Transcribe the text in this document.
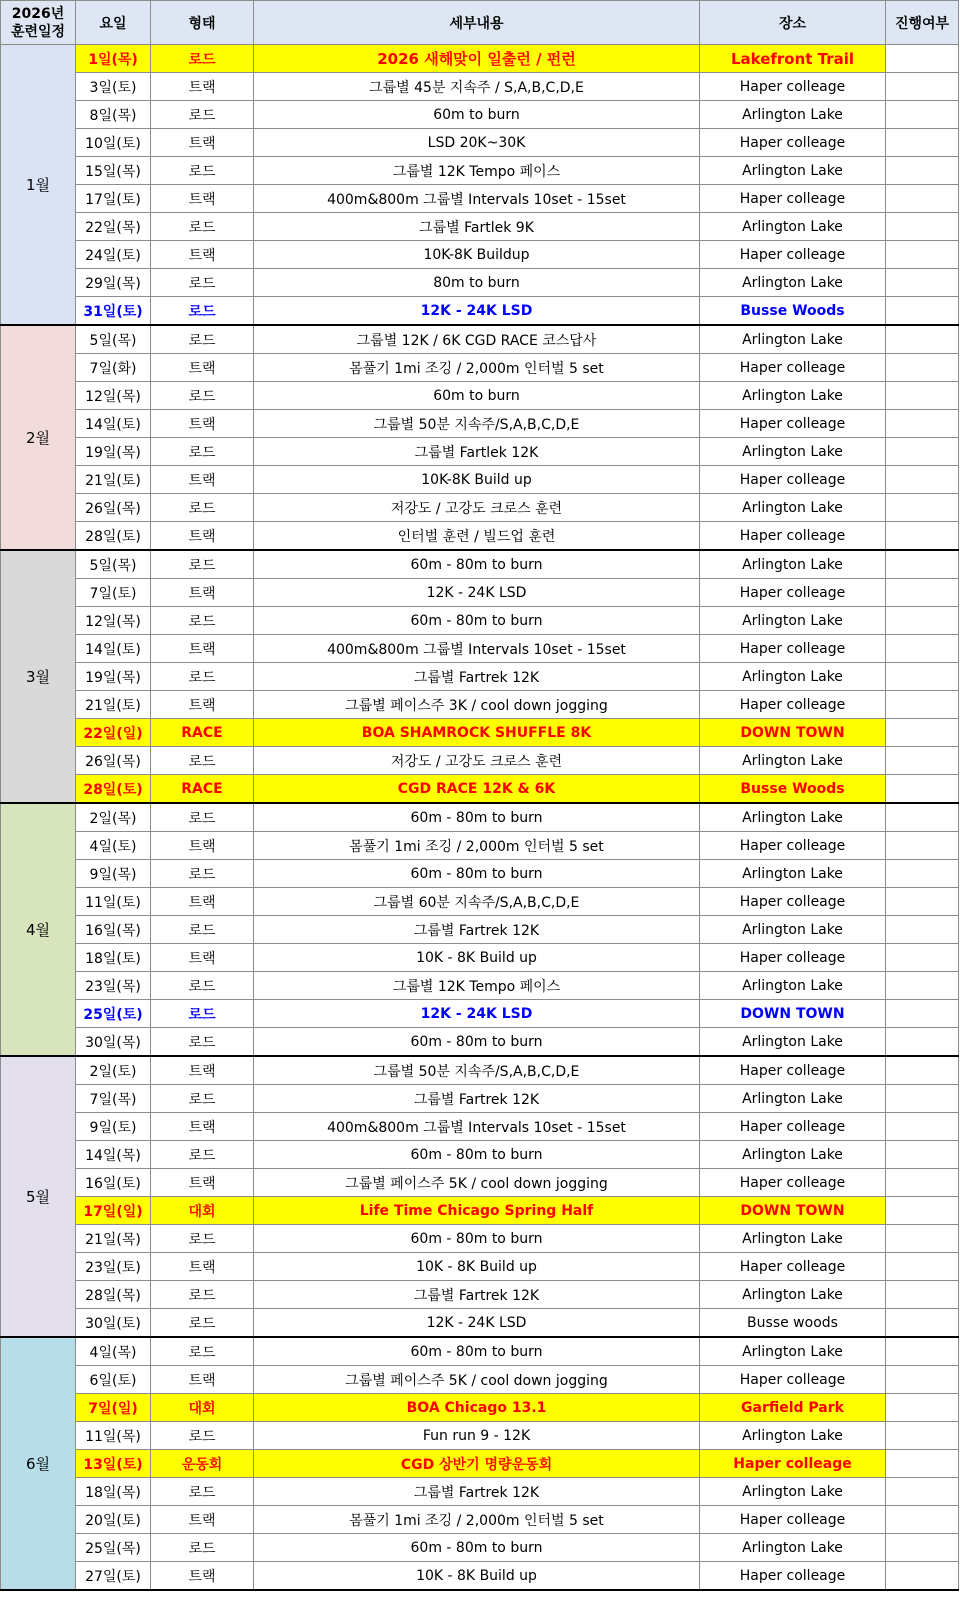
2026년
훈련일정	요일	형태	세부내용	장소	진행여부
1월	1일(목)	로드	2026 새해맞이 일출런 / 펀런	Lakefront Trail	
	3일(토)	트랙	그룹별 45분 지속주 / S,A,B,C,D,E	Haper colleage	
	8일(목)	로드	60m to burn	Arlington Lake	
	10일(토)	트랙	LSD 20K~30K	Haper colleage	
	15일(목)	로드	그룹별 12K Tempo 페이스	Arlington Lake	
	17일(토)	트랙	400m&800m 그룹별 Intervals 10set - 15set	Haper colleage	
	22일(목)	로드	그룹별 Fartlek 9K	Arlington Lake	
	24일(토)	트랙	10K-8K Buildup	Haper colleage	
	29일(목)	로드	80m to burn	Arlington Lake	
	31일(토)	로드	12K - 24K LSD	Busse Woods	
2월	5일(목)	로드	그룹별 12K / 6K CGD RACE 코스답사	Arlington Lake	
	7일(화)	트랙	몸풀기 1mi 조깅 / 2,000m 인터벌 5 set	Haper colleage	
	12일(목)	로드	60m to burn	Arlington Lake	
	14일(토)	트랙	그룹별 50분 지속주/S,A,B,C,D,E	Haper colleage	
	19일(목)	로드	그룹별 Fartlek 12K	Arlington Lake	
	21일(토)	트랙	10K-8K Build up	Haper colleage	
	26일(목)	로드	저강도 / 고강도 크로스 훈련	Arlington Lake	
	28일(토)	트랙	인터벌 훈련 / 빌드업 훈련	Haper colleage	
3월	5일(목)	로드	60m - 80m to burn	Arlington Lake	
	7일(토)	트랙	12K - 24K LSD	Haper colleage	
	12일(목)	로드	60m - 80m to burn	Arlington Lake	
	14일(토)	트랙	400m&800m 그룹별 Intervals 10set - 15set	Haper colleage	
	19일(목)	로드	그룹별 Fartrek 12K	Arlington Lake	
	21일(토)	트랙	그룹별 페이스주 3K / cool down jogging	Haper colleage	
	22일(일)	RACE	BOA SHAMROCK SHUFFLE 8K	DOWN TOWN	
	26일(목)	로드	저강도 / 고강도 크로스 훈련	Arlington Lake	
	28일(토)	RACE	CGD RACE 12K & 6K	Busse Woods	
4월	2일(목)	로드	60m - 80m to burn	Arlington Lake	
	4일(토)	트랙	몸풀기 1mi 조깅 / 2,000m 인터벌 5 set	Haper colleage	
	9일(목)	로드	60m - 80m to burn	Arlington Lake	
	11일(토)	트랙	그룹별 60분 지속주/S,A,B,C,D,E	Haper colleage	
	16일(목)	로드	그룹별 Fartrek 12K	Arlington Lake	
	18일(토)	트랙	10K - 8K Build up	Haper colleage	
	23일(목)	로드	그룹별 12K Tempo 페이스	Arlington Lake	
	25일(토)	로드	12K - 24K LSD	DOWN TOWN	
	30일(목)	로드	60m - 80m to burn	Arlington Lake	
5월	2일(토)	트랙	그룹별 50분 지속주/S,A,B,C,D,E	Haper colleage	
	7일(목)	로드	그룹별 Fartrek 12K	Arlington Lake	
	9일(토)	트랙	400m&800m 그룹별 Intervals 10set - 15set	Haper colleage	
	14일(목)	로드	60m - 80m to burn	Arlington Lake	
	16일(토)	트랙	그룹별 페이스주 5K / cool down jogging	Haper colleage	
	17일(일)	대회	Life Time Chicago Spring Half	DOWN TOWN	
	21일(목)	로드	60m - 80m to burn	Arlington Lake	
	23일(토)	트랙	10K - 8K Build up	Haper colleage	
	28일(목)	로드	그룹별 Fartrek 12K	Arlington Lake	
	30일(토)	로드	12K - 24K LSD	Busse woods	
6월	4일(목)	로드	60m - 80m to burn	Arlington Lake	
	6일(토)	트랙	그룹별 페이스주 5K / cool down jogging	Haper colleage	
	7일(일)	대회	BOA Chicago 13.1	Garfield Park	
	11일(목)	로드	Fun run 9 - 12K	Arlington Lake	
	13일(토)	운동회	CGD 상반기 명량운동회	Haper colleage	
	18일(목)	로드	그룹별 Fartrek 12K	Arlington Lake	
	20일(토)	트랙	몸풀기 1mi 조깅 / 2,000m 인터벌 5 set	Haper colleage	
	25일(목)	로드	60m - 80m to burn	Arlington Lake	
	27일(토)	트랙	10K - 8K Build up	Haper colleage	
